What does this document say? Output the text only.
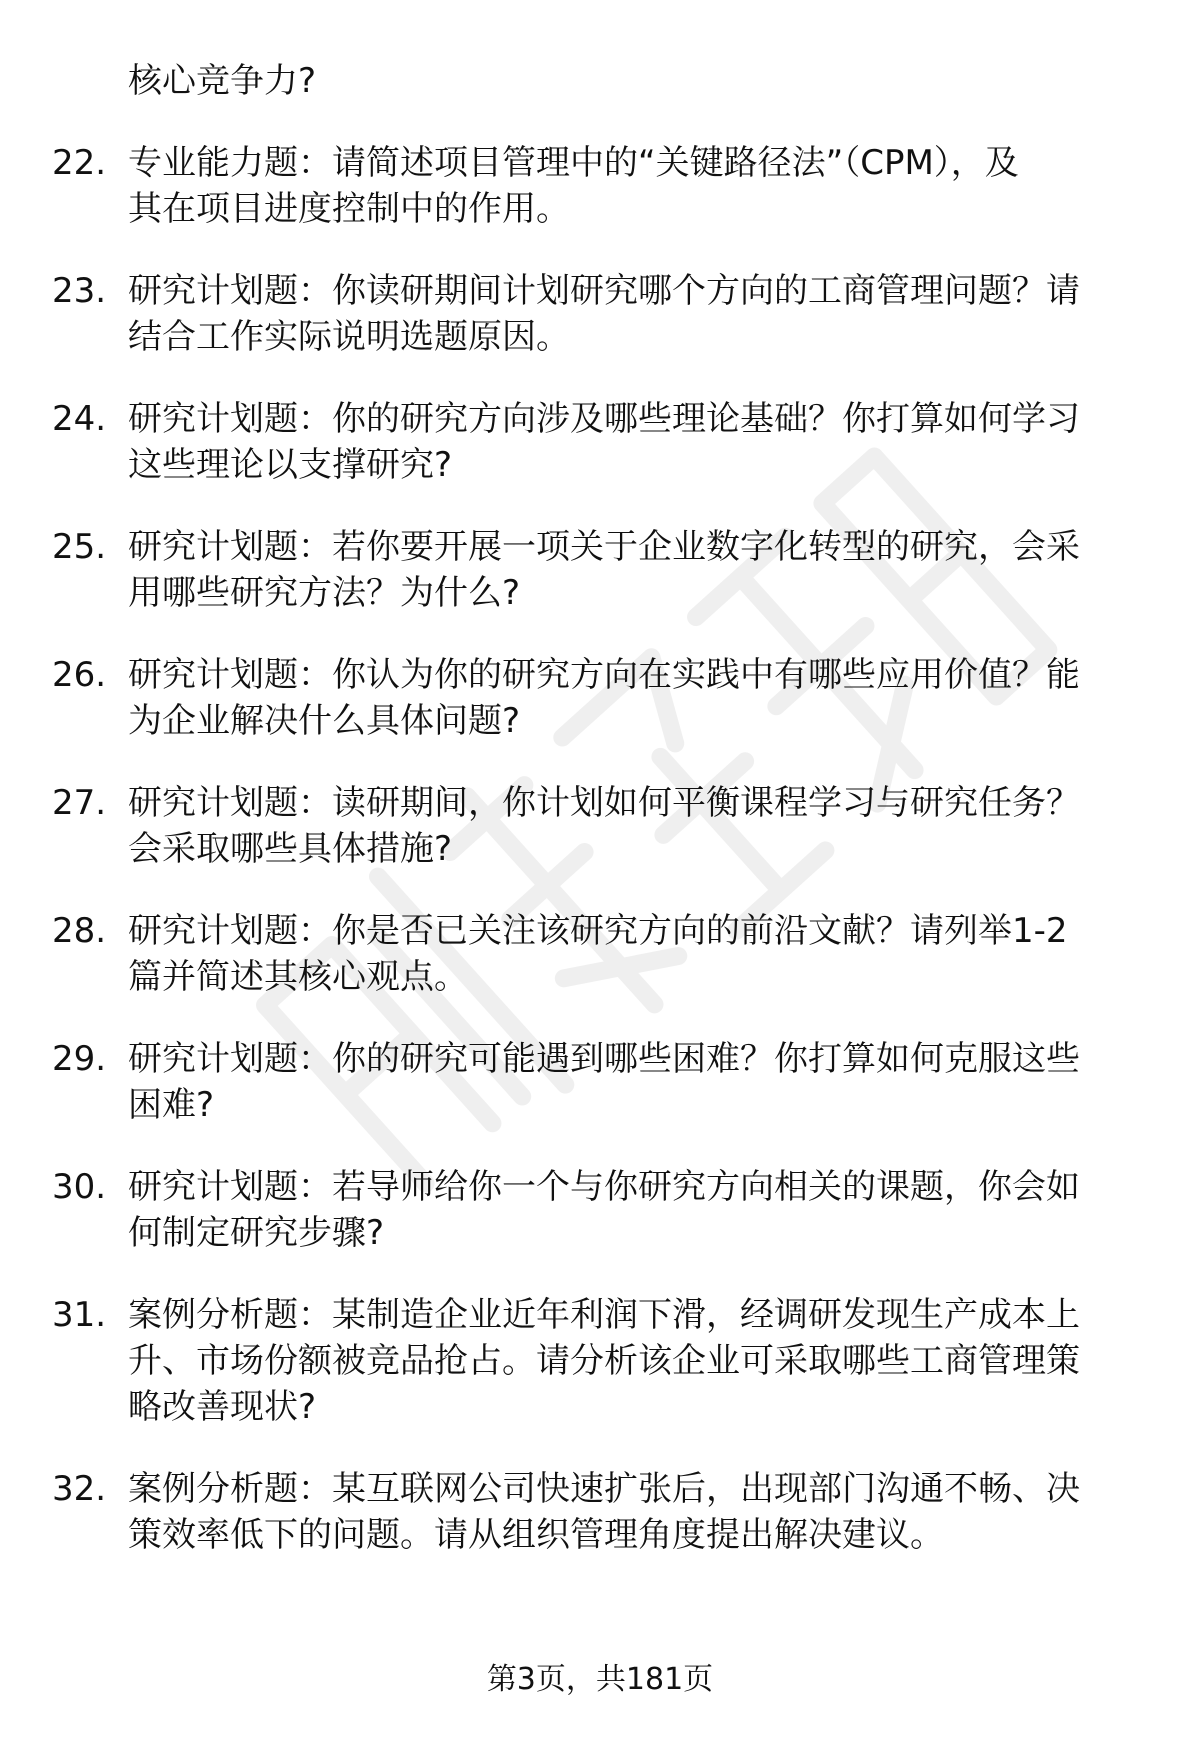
核心竞争力?
22. 专业能力题：请简述项目管理中的“关键路径法”（CPM），及
其在项目进度控制中的作用。
23. 研究计划题：你读研期间计划研究哪个方向的工商管理问题？请
结合工作实际说明选题原因。
24. 研究计划题：你的研究方向涉及哪些理论基础？你打算如何学习
这些理论以支撑研究?
25. 研究计划题：若你要开展一项关于企业数字化转型的研究，会采
用哪些研究方法？为什么?
26. 研究计划题：你认为你的研究方向在实践中有哪些应用价值？能
为企业解决什么具体问题?
27. 研究计划题：读研期间，你计划如何平衡课程学习与研究任务？
会采取哪些具体措施?
28. 研究计划题：你是否已关注该研究方向的前沿文献？请列举1-2
篇并简述其核心观点。
29. 研究计划题：你的研究可能遇到哪些困难？你打算如何克服这些
困难?
30. 研究计划题：若导师给你一个与你研究方向相关的课题，你会如
何制定研究步骤?
31. 案例分析题：某制造企业近年利润下滑，经调研发现生产成本上
升、市场份额被竞品抢占。请分析该企业可采取哪些工商管理策
略改善现状?
32. 案例分析题：某互联网公司快速扩张后，出现部门沟通不畅、决
策效率低下的问题。请从组织管理角度提出解决建议。
第3页，共181页
